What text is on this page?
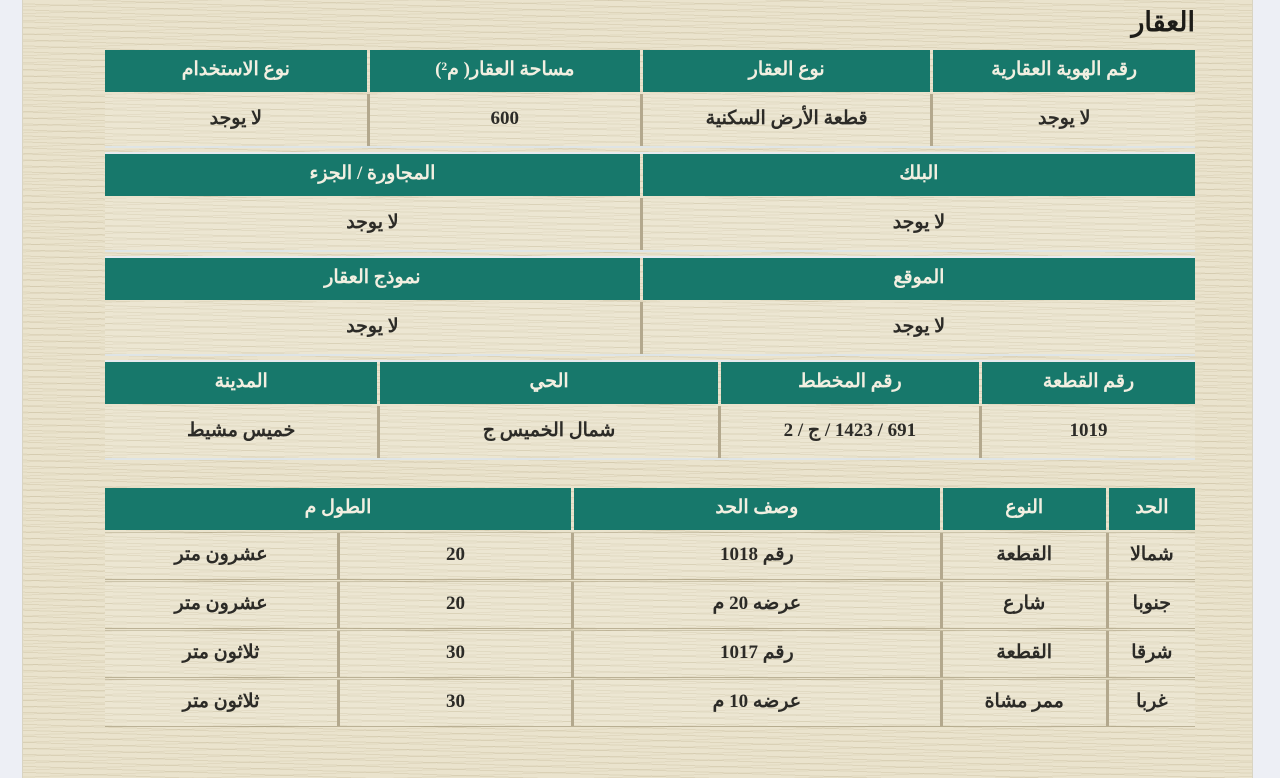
العقار
رقم الهوية العقارية
نوع العقار
مساحة العقار( م²)
نوع الاستخدام
لا يوجد
قطعة الأرض السكنية
600
لا يوجد
البلك
المجاورة / الجزء
لا يوجد
لا يوجد
الموقع
نموذج العقار
لا يوجد
لا يوجد
رقم القطعة
رقم المخطط
الحي
المدينة
1019
691 / 1423 / ج / 2
شمال الخميس ج
خميس مشيط
الحد
النوع
وصف الحد
الطول م
شمالا
القطعة
رقم 1018
20
عشرون متر
جنوبا
شارع
عرضه 20 م
20
عشرون متر
شرقا
القطعة
رقم 1017
30
ثلاثون متر
غربا
ممر مشاة
عرضه 10 م
30
ثلاثون متر
